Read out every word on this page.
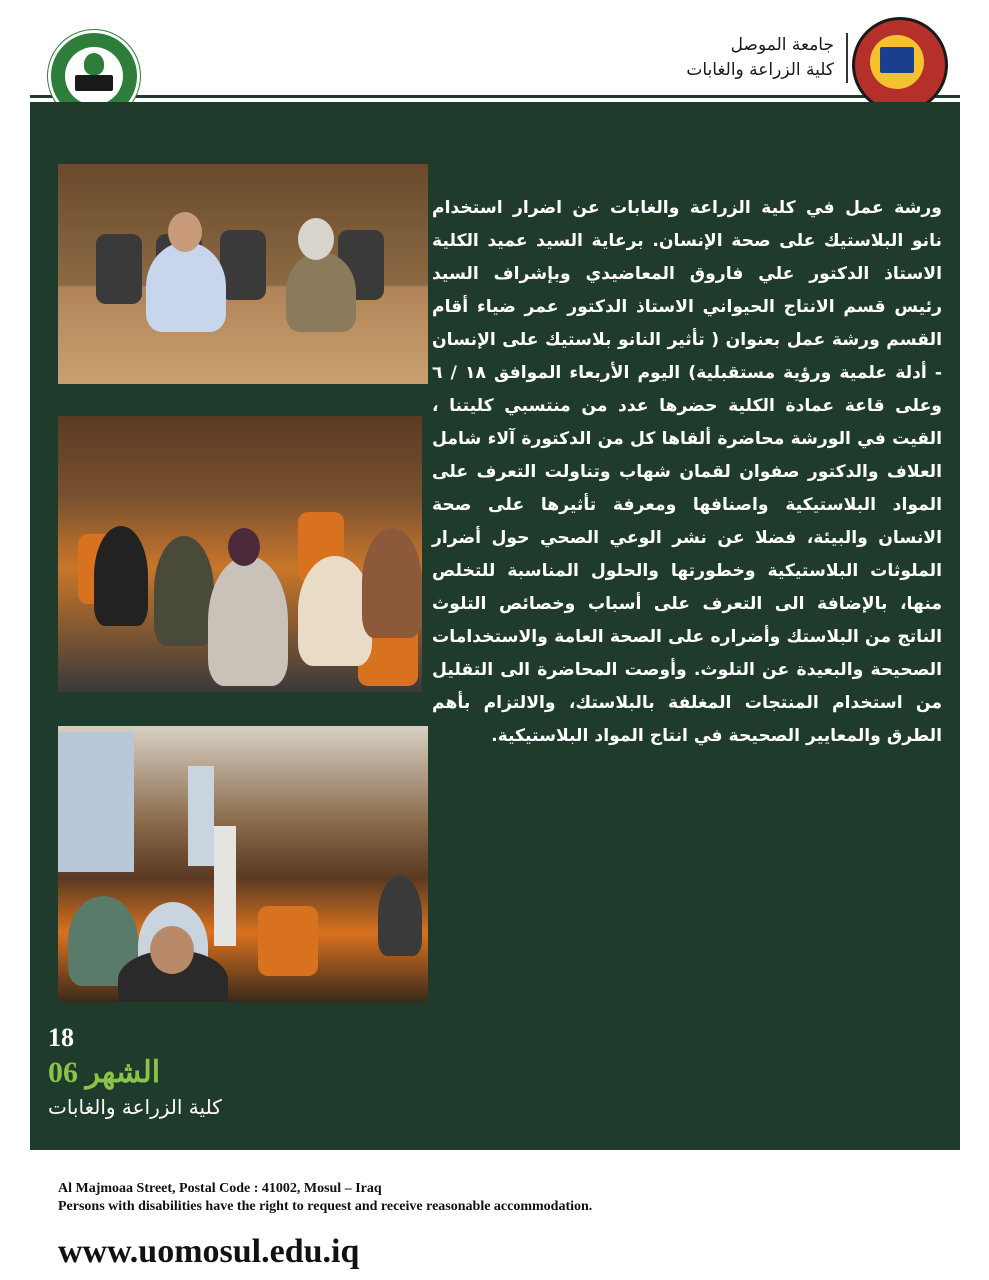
جامعة الموصل
كلية الزراعة والغابات

ورشة عمل في كلية الزراعة والغابات عن اضرار استخدام نانو البلاستيك على صحة الإنسان. برعاية السيد عميد الكلية الاستاذ الدكتور علي فاروق المعاضيدي وبإشراف السيد رئيس قسم الانتاج الحيواني الاستاذ الدكتور عمر ضياء أقام القسم ورشة عمل بعنوان ( تأثير النانو بلاستيك على الإنسان - أدلة علمية ورؤية مستقبلية) اليوم الأربعاء الموافق ١٨ / ٦ وعلى قاعة عمادة الكلية حضرها عدد من منتسبي كليتنا ، القيت في الورشة محاضرة ألقاها كل من الدكتورة آلاء شامل العلاف والدكتور صفوان لقمان شهاب وتناولت التعرف على المواد البلاستيكية واصنافها ومعرفة تأثيرها على صحة الانسان والبيئة، فضلا عن نشر الوعي الصحي حول أضرار الملوثات البلاستيكية وخطورتها والحلول المناسبة للتخلص منها، بالإضافة الى التعرف على أسباب وخصائص التلوث الناتج من البلاستك وأضراره على الصحة العامة والاستخدامات الصحيحة والبعيدة عن التلوث. وأوصت المحاضرة الى التقليل من استخدام المنتجات المغلفة بالبلاستك، والالتزام بأهم الطرق والمعايير الصحيحة في انتاج المواد البلاستيكية.

18
الشهر 06
كلية الزراعة والغابات
Al Majmoaa Street, Postal Code : 41002, Mosul – Iraq
Persons with disabilities have the right to request and receive reasonable accommodation.
www.uomosul.edu.iq
